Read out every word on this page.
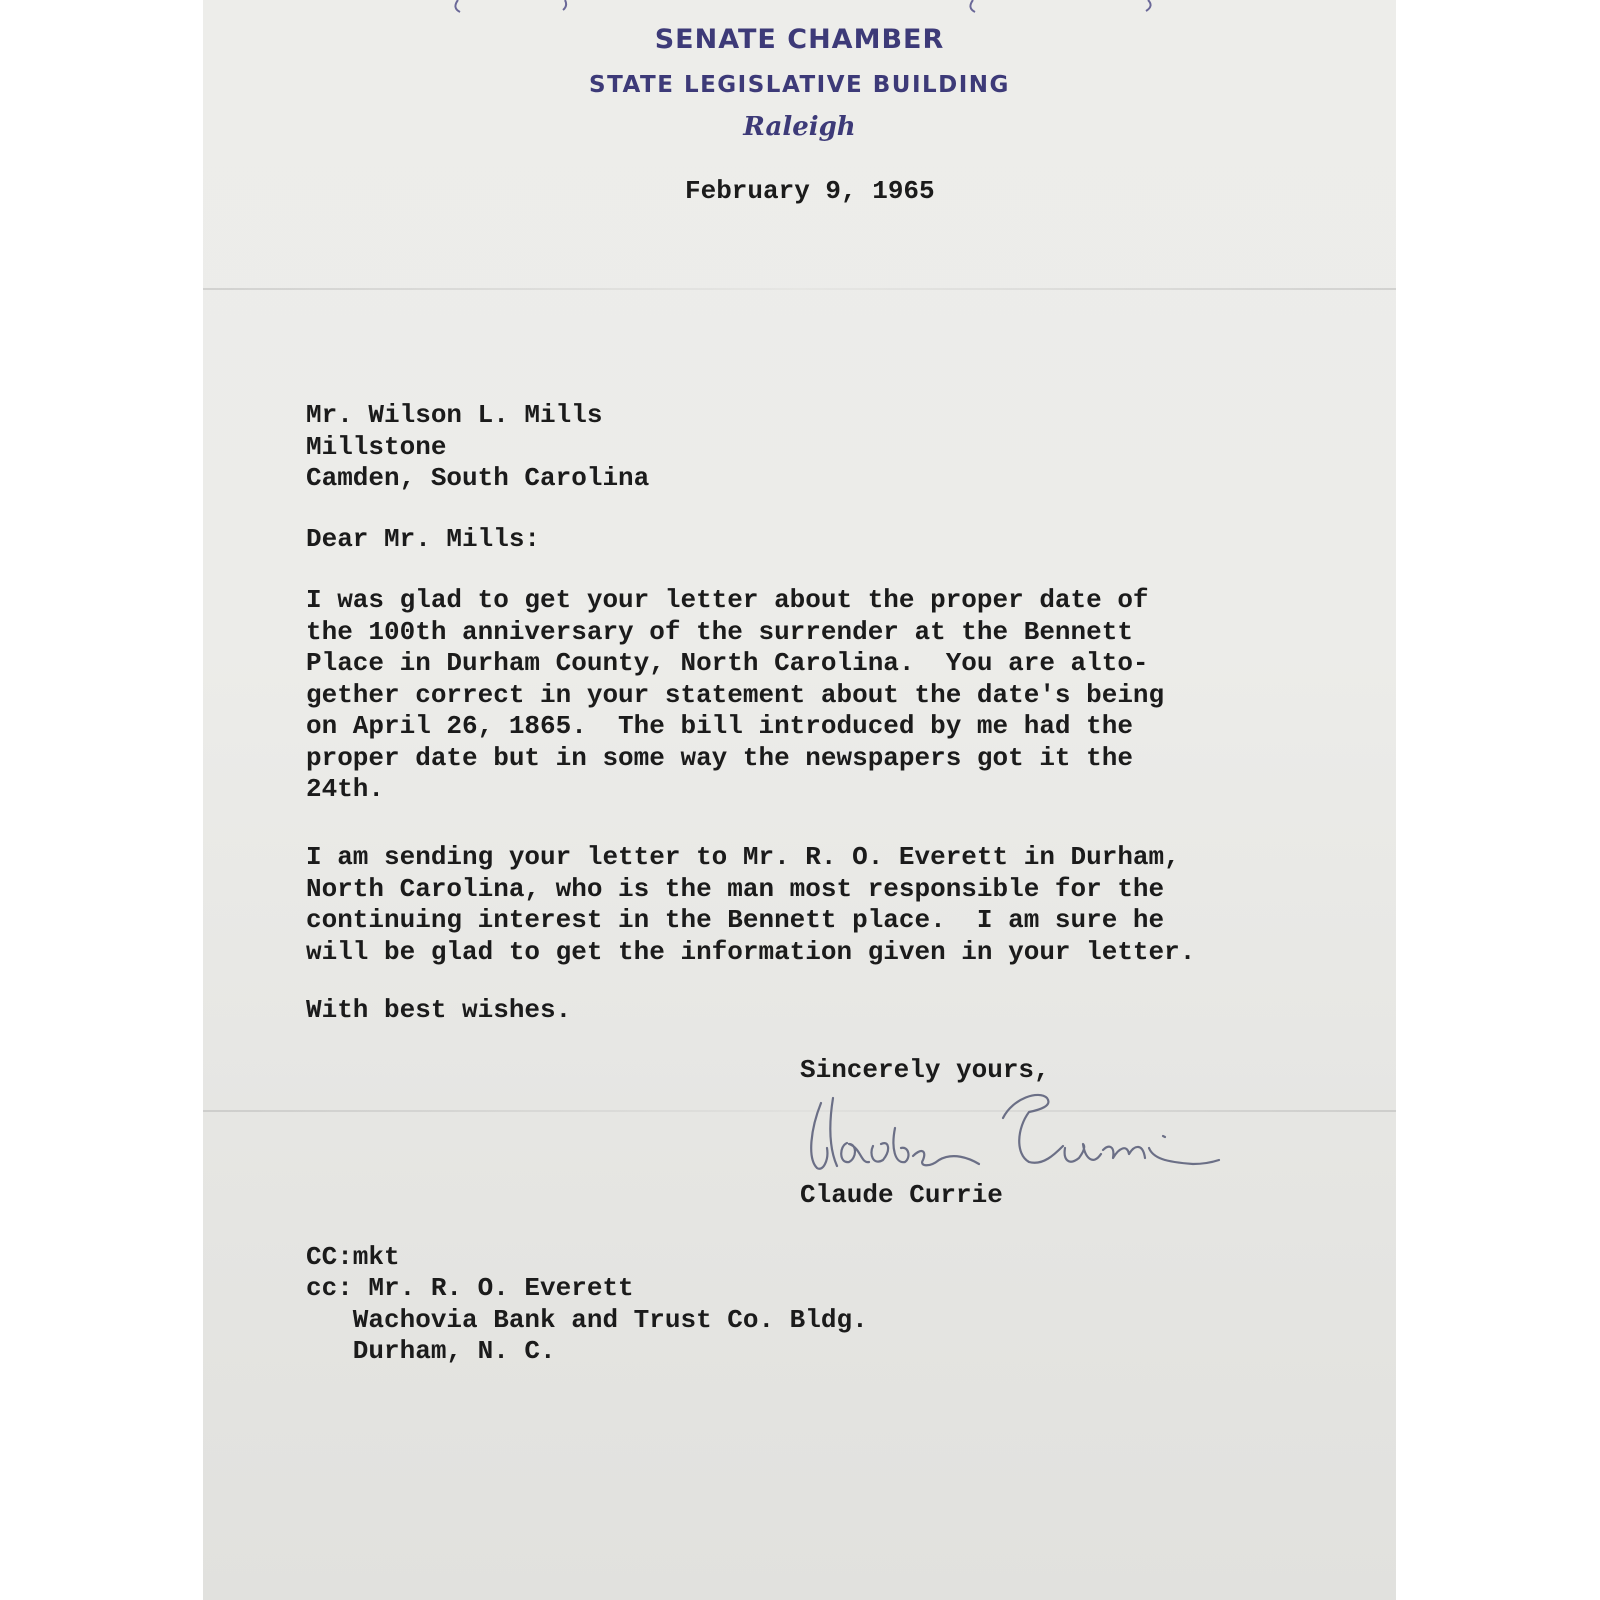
SENATE CHAMBER
STATE LEGISLATIVE BUILDING
Raleigh

February 9, 1965

Mr. Wilson L. Mills
Millstone
Camden, South Carolina

Dear Mr. Mills:

I was glad to get your letter about the proper date of
the 100th anniversary of the surrender at the Bennett
Place in Durham County, North Carolina.  You are alto-
gether correct in your statement about the date's being
on April 26, 1865.  The bill introduced by me had the
proper date but in some way the newspapers got it the
24th.

I am sending your letter to Mr. R. O. Everett in Durham,
North Carolina, who is the man most responsible for the
continuing interest in the Bennett place.  I am sure he
will be glad to get the information given in your letter.

With best wishes.

Sincerely yours,

Claude Currie

CC:mkt

cc: Mr. R. O. Everett
Wachovia Bank and Trust Co. Bldg.
Durham, N. C.
